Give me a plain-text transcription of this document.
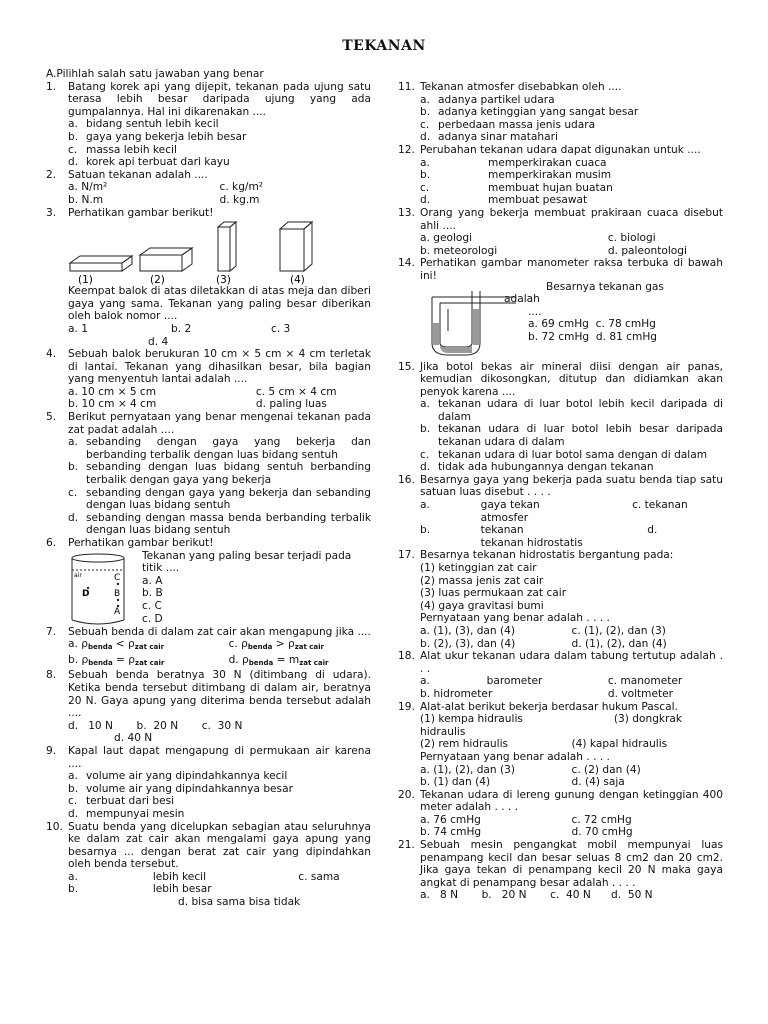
TEKANAN
A.Pilihlah salah satu jawaban yang benar
1.	Batang korek api yang dijepit, tekanan pada ujung satu terasa lebih besar daripada ujung yang ada gumpalannya. Hal ini dikarenakan ....
a. bidang sentuh lebih kecil
b. gaya yang bekerja lebih besar
c. massa lebih kecil
d. korek api terbuat dari kayu
2.	Satuan tekanan adalah ....
a. N/m²	c. kg/m²
b. N.m	d. kg.m
3.	Perhatikan gambar berikut!
(1)	(2)	(3)	(4)
Keempat balok di atas diletakkan di atas meja dan diberi gaya yang sama. Tekanan yang paling besar diberikan oleh balok nomor ....
a. 1	b. 2	c. 3
d. 4
4.	Sebuah balok berukuran 10 cm × 5 cm × 4 cm terletak di lantai. Tekanan yang dihasilkan besar, bila bagian yang menyentuh lantai adalah ....
a. 10 cm × 5 cm	c. 5 cm × 4 cm
b. 10 cm × 4 cm	d. paling luas
5.	Berikut pernyataan yang benar mengenai tekanan pada zat padat adalah ....
a. sebanding dengan gaya yang bekerja dan berbanding terbalik dengan luas bidang sentuh
b. sebanding dengan luas bidang sentuh berbanding terbalik dengan gaya yang bekerja
c. sebanding dengan gaya yang bekerja dan sebanding dengan luas bidang sentuh
d. sebanding dengan massa benda berbanding terbalik dengan luas bidang sentuh
6.	Perhatikan gambar berikut!
air	C
D	B
A
Tekanan yang paling besar terjadi pada titik ....
a. A
b. B
c. C
c. D
7.	Sebuah benda di dalam zat cair akan mengapung jika ....
a. $\rho_{benda} < \rho_{zat cair}$	c. $\rho_{benda} > \rho_{zat cair}$
b. $\rho_{benda} = \rho_{zat cair}$	d. $\rho_{benda} = m_{zat cair}$
8.	Sebuah benda beratnya 30 N (ditimbang di udara). Ketika benda tersebut ditimbang di dalam air, beratnya 20 N. Gaya apung yang diterima benda tersebut adalah ....
d.   10 N       b.  20 N       c.  30 N
d. 40 N
9.	Kapal laut dapat mengapung di permukaan air karena ....
a. volume air yang dipindahkannya kecil
b. volume air yang dipindahkannya besar
c. terbuat dari besi
d. mempunyai mesin
10. Suatu benda yang dicelupkan sebagian atau seluruhnya ke dalam zat cair akan mengalami gaya apung yang besarnya ... dengan berat zat cair yang dipindahkan oleh benda tersebut.
a.	lebih kecil	c. sama
b.	lebih besar
d. bisa sama bisa tidak
11. Tekanan atmosfer disebabkan oleh ....
a. adanya partikel udara
b. adanya ketinggian yang sangat besar
c. perbedaan massa jenis udara
d. adanya sinar matahari
12. Perubahan tekanan udara dapat digunakan untuk ....
a.	memperkirakan cuaca
b.	memperkirakan musim
c.	membuat hujan buatan
d.	membuat pesawat
13. Orang yang bekerja membuat prakiraan cuaca disebut ahli ....
a. geologi	c. biologi
b. meteorologi	d. paleontologi
14. Perhatikan gambar manometer raksa terbuka di bawah ini!
Besarnya tekanan gas
adalah
....
a. 69 cmHg  c. 78 cmHg
b. 72 cmHg  d. 81 cmHg
15. Jika botol bekas air mineral diisi dengan air panas, kemudian dikosongkan, ditutup dan didiamkan akan penyok karena ....
a. tekanan udara di luar botol lebih kecil daripada di dalam
b. tekanan udara di luar botol lebih besar daripada tekanan udara di dalam
c. tekanan udara di luar botol sama dengan di dalam
d. tidak ada hubungannya dengan tekanan
16. Besarnya gaya yang bekerja pada suatu benda tiap satu satuan luas disebut . . . .
a.	gaya tekan	c. tekanan
atmosfer
b.	tekanan	d.
tekanan hidrostatis
17. Besarnya tekanan hidrostatis bergantung pada:
(1) ketinggian zat cair
(2) massa jenis zat cair
(3) luas permukaan zat cair
(4) gaya gravitasi bumi
Pernyataan yang benar adalah . . . .
a. (1), (3), dan (4)	c. (1), (2), dan (3)
b. (2), (3), dan (4)	d. (1), (2), dan (4)
18. Alat ukur tekanan udara dalam tabung tertutup adalah . . .
a.	barometer	c. manometer
b. hidrometer	d. voltmeter
19. Alat-alat berikut bekerja berdasar hukum Pascal.
(1) kempa hidraulis	(3) dongkrak
hidraulis
(2) rem hidraulis	(4) kapal hidraulis
Pernyataan yang benar adalah . . . .
a. (1), (2), dan (3)	c. (2) dan (4)
b. (1) dan (4)	d. (4) saja
20. Tekanan udara di lereng gunung dengan ketinggian 400 meter adalah . . . .
a. 76 cmHg	c. 72 cmHg
b. 74 cmHg	d. 70 cmHg
21. Sebuah mesin pengangkat mobil mempunyai luas penampang kecil dan besar seluas 8 cm2 dan 20 cm2. Jika gaya tekan di penampang kecil 20 N maka gaya angkat di penampang besar adalah . . . .
a.   8 N       b.   20 N       c.  40 N      d.  50 N
